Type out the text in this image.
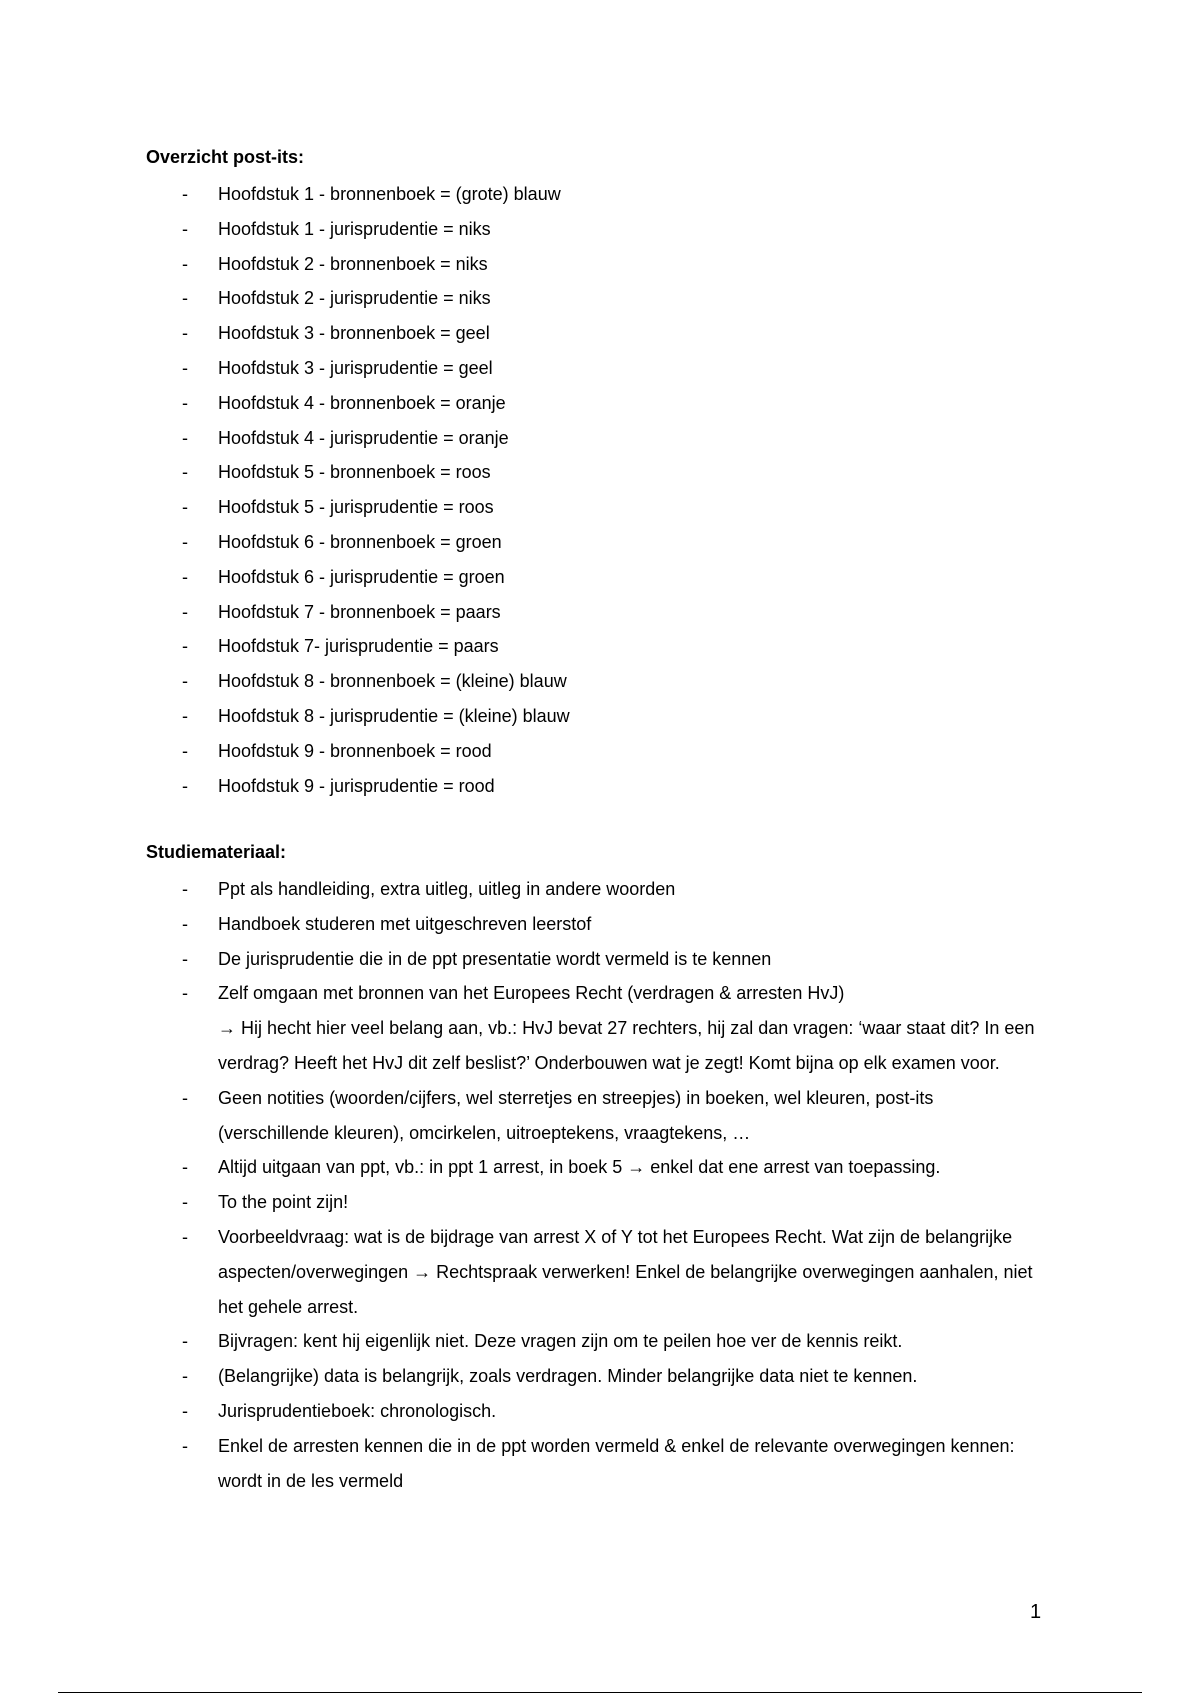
Overzicht post-its:
- Hoofdstuk 1 - bronnenboek = (grote) blauw
- Hoofdstuk 1 - jurisprudentie = niks
- Hoofdstuk 2 - bronnenboek = niks
- Hoofdstuk 2 - jurisprudentie = niks
- Hoofdstuk 3 - bronnenboek = geel
- Hoofdstuk 3 - jurisprudentie = geel
- Hoofdstuk 4 - bronnenboek = oranje
- Hoofdstuk 4 - jurisprudentie = oranje
- Hoofdstuk 5 - bronnenboek = roos
- Hoofdstuk 5 - jurisprudentie = roos
- Hoofdstuk 6 - bronnenboek = groen
- Hoofdstuk 6 - jurisprudentie = groen
- Hoofdstuk 7 - bronnenboek = paars
- Hoofdstuk 7- jurisprudentie = paars
- Hoofdstuk 8 - bronnenboek = (kleine) blauw
- Hoofdstuk 8 - jurisprudentie = (kleine) blauw
- Hoofdstuk 9 - bronnenboek = rood
- Hoofdstuk 9 - jurisprudentie = rood
Studiemateriaal:
- Ppt als handleiding, extra uitleg, uitleg in andere woorden
- Handboek studeren met uitgeschreven leerstof
- De jurisprudentie die in de ppt presentatie wordt vermeld is te kennen
- Zelf omgaan met bronnen van het Europees Recht (verdragen & arresten HvJ)
→ Hij hecht hier veel belang aan, vb.: HvJ bevat 27 rechters, hij zal dan vragen: ‘waar staat dit? In een verdrag? Heeft het HvJ dit zelf beslist?’ Onderbouwen wat je zegt! Komt bijna op elk examen voor.
- Geen notities (woorden/cijfers, wel sterretjes en streepjes) in boeken, wel kleuren, post-its (verschillende kleuren), omcirkelen, uitroeptekens, vraagtekens, …
- Altijd uitgaan van ppt, vb.: in ppt 1 arrest, in boek 5 → enkel dat ene arrest van toepassing.
- To the point zijn!
- Voorbeeldvraag: wat is de bijdrage van arrest X of Y tot het Europees Recht. Wat zijn de belangrijke aspecten/overwegingen → Rechtspraak verwerken! Enkel de belangrijke overwegingen aanhalen, niet het gehele arrest.
- Bijvragen: kent hij eigenlijk niet. Deze vragen zijn om te peilen hoe ver de kennis reikt.
- (Belangrijke) data is belangrijk, zoals verdragen. Minder belangrijke data niet te kennen.
- Jurisprudentieboek: chronologisch.
- Enkel de arresten kennen die in de ppt worden vermeld & enkel de relevante overwegingen kennen: wordt in de les vermeld
1
